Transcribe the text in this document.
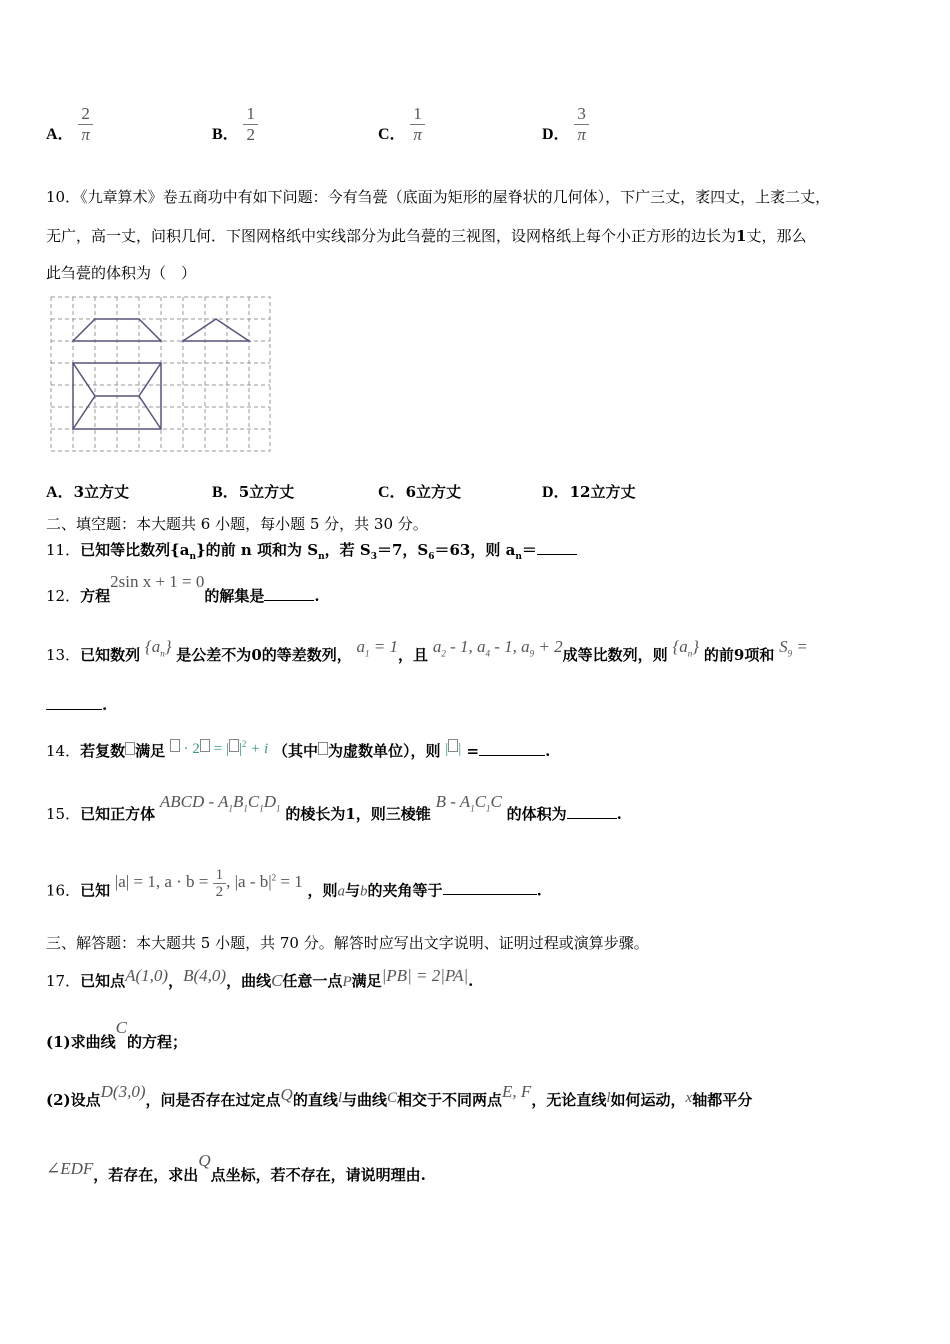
A． $\frac{2}{\pi}$	B． $\frac{1}{2}$	C． $\frac{1}{\pi}$	D． $\frac{3}{\pi}$
10．《九章算术》卷五商功中有如下问题：今有刍甍（底面为矩形的屋脊状的几何体），下广三丈，袤四丈，上袤二丈，
无广，高一丈，问积几何．下图网格纸中实线部分为此刍甍的三视图，设网格纸上每个小正方形的边长为1丈，那么
此刍甍的体积为（　）
A．3立方丈	B．5立方丈	C．6立方丈	D．12立方丈
二、填空题：本大题共 6 小题，每小题 5 分，共 30 分。
11．已知等比数列$\{a_n\}$的前 n 项和为 $S_n$，若 $S_3=7$，$S_6=63$，则 $a_n=$
12．方程2sin x + 1 = 0的解集是	.
13．已知数列 $\{a_n\}$ 是公差不为0的等差数列， $a_1 = 1$，且 $a_2 - 1$, $a_4 - 1$, $a_9 + 2$成等比数列，则 $\{a_n\}$ 的前9项和 $S_9$ =
.
14．若复数 满足  · 2 = | $|^2 + i$ （其中 为虚数单位），则 | | =	.
15．已知正方体 ABCD - $A_1B_1C_1D_1$ 的棱长为1，则三棱锥 B - $A_1C_1C$ 的体积为	.
16．已知 |a| = 1, $a \cdot b = \frac{1}{2}$ , $|a - b|^2 = 1$ ，则a与b的夹角等于	.
三、解答题：本大题共 5 小题，共 70 分。解答时应写出文字说明、证明过程或演算步骤。
17．已知点A(1,0)，B(4,0)，曲线C任意一点P满足|PB| = 2|PA|.
(1)求曲线C的方程；
(2)设点D(3,0)，问是否存在过定点Q的直线l与曲线C相交于不同两点E, F，无论直线l如何运动，x轴都平分
∠EDF，若存在，求出Q点坐标，若不存在，请说明理由.
